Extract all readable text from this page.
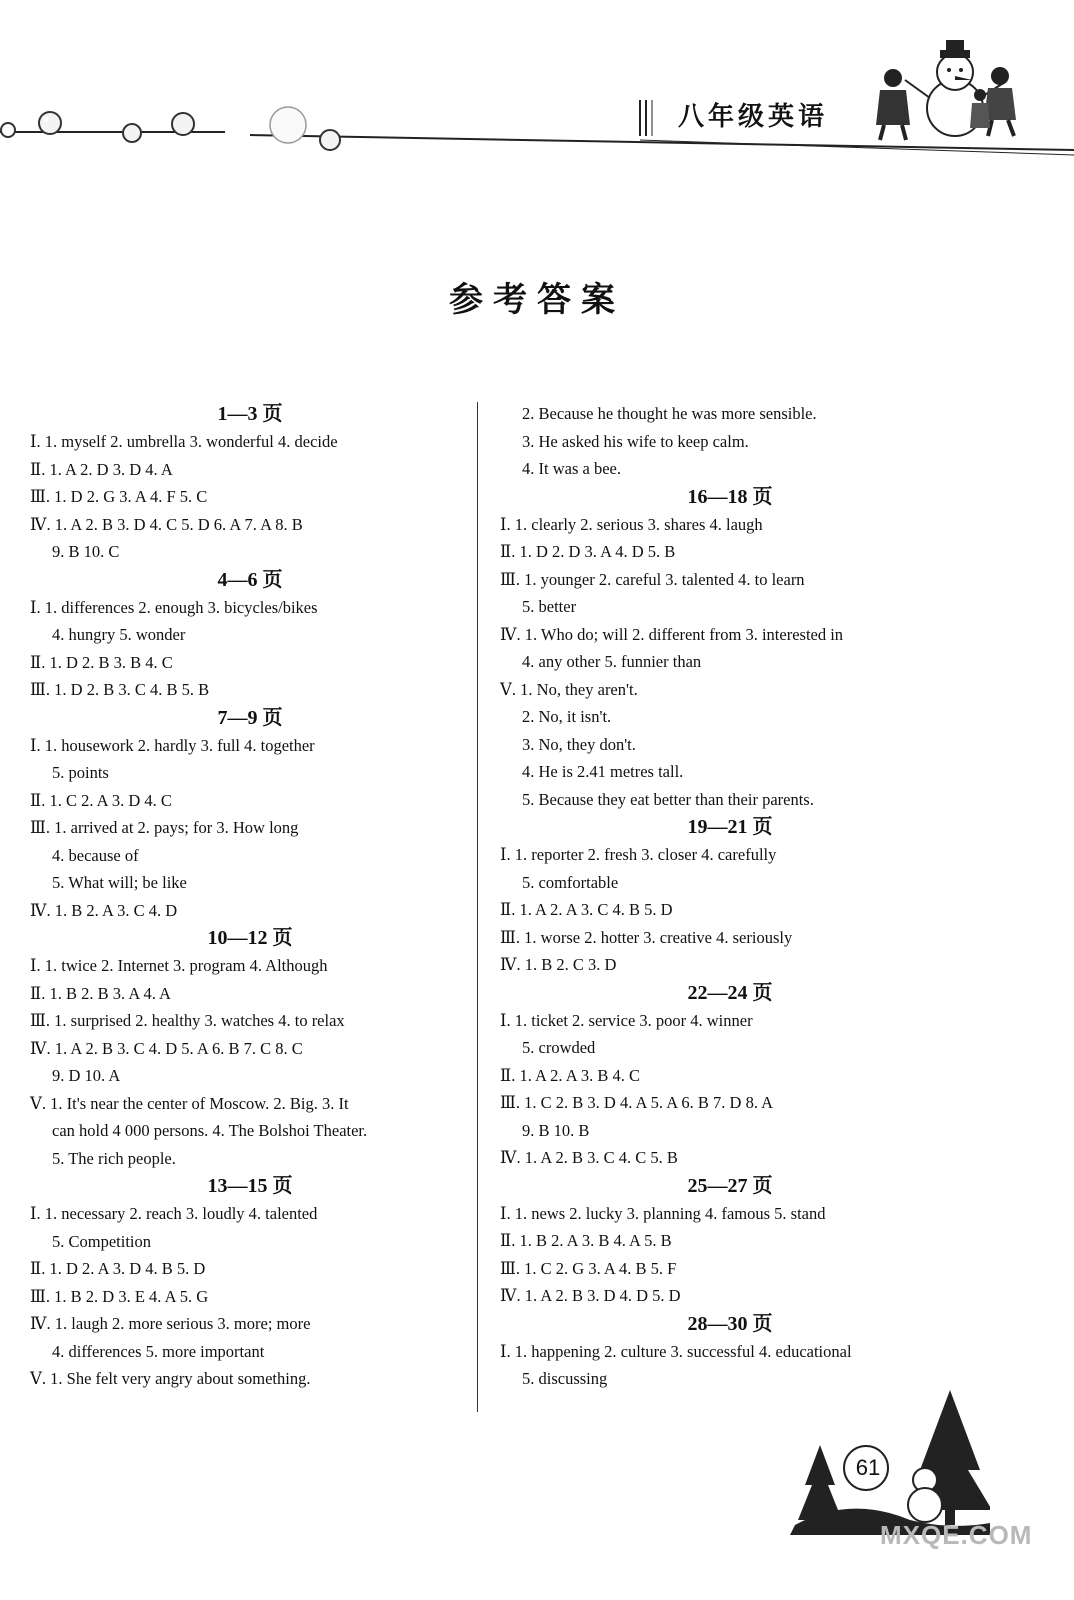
八年级英语
参考答案
1—3 页
Ⅰ. 1. myself 2. umbrella 3. wonderful 4. decide
Ⅱ. 1. A 2. D 3. D 4. A
Ⅲ. 1. D 2. G 3. A 4. F 5. C
Ⅳ. 1. A 2. B 3. D 4. C 5. D 6. A 7. A 8. B
9. B 10. C
4—6 页
Ⅰ. 1. differences 2. enough 3. bicycles/bikes
4. hungry 5. wonder
Ⅱ. 1. D 2. B 3. B 4. C
Ⅲ. 1. D 2. B 3. C 4. B 5. B
7—9 页
Ⅰ. 1. housework 2. hardly 3. full 4. together
5. points
Ⅱ. 1. C 2. A 3. D 4. C
Ⅲ. 1. arrived at 2. pays; for 3. How long
4. because of
5. What will; be like
Ⅳ. 1. B 2. A 3. C 4. D
10—12 页
Ⅰ. 1. twice 2. Internet 3. program 4. Although
Ⅱ. 1. B 2. B 3. A 4. A
Ⅲ. 1. surprised 2. healthy 3. watches 4. to relax
Ⅳ. 1. A 2. B 3. C 4. D 5. A 6. B 7. C 8. C
9. D 10. A
Ⅴ. 1. It's near the center of Moscow. 2. Big. 3. It
can hold 4 000 persons. 4. The Bolshoi Theater.
5. The rich people.
13—15 页
Ⅰ. 1. necessary 2. reach 3. loudly 4. talented
5. Competition
Ⅱ. 1. D 2. A 3. D 4. B 5. D
Ⅲ. 1. B 2. D 3. E 4. A 5. G
Ⅳ. 1. laugh 2. more serious 3. more; more
4. differences 5. more important
Ⅴ. 1. She felt very angry about something.
2. Because he thought he was more sensible.
3. He asked his wife to keep calm.
4. It was a bee.
16—18 页
Ⅰ. 1. clearly 2. serious 3. shares 4. laugh
Ⅱ. 1. D 2. D 3. A 4. D 5. B
Ⅲ. 1. younger 2. careful 3. talented 4. to learn
5. better
Ⅳ. 1. Who do; will 2. different from 3. interested in
4. any other 5. funnier than
Ⅴ. 1. No, they aren't.
2. No, it isn't.
3. No, they don't.
4. He is 2.41 metres tall.
5. Because they eat better than their parents.
19—21 页
Ⅰ. 1. reporter 2. fresh 3. closer 4. carefully
5. comfortable
Ⅱ. 1. A 2. A 3. C 4. B 5. D
Ⅲ. 1. worse 2. hotter 3. creative 4. seriously
Ⅳ. 1. B 2. C 3. D
22—24 页
Ⅰ. 1. ticket 2. service 3. poor 4. winner
5. crowded
Ⅱ. 1. A 2. A 3. B 4. C
Ⅲ. 1. C 2. B 3. D 4. A 5. A 6. B 7. D 8. A
9. B 10. B
Ⅳ. 1. A 2. B 3. C 4. C 5. B
25—27 页
Ⅰ. 1. news 2. lucky 3. planning 4. famous 5. stand
Ⅱ. 1. B 2. A 3. B 4. A 5. B
Ⅲ. 1. C 2. G 3. A 4. B 5. F
Ⅳ. 1. A 2. B 3. D 4. D 5. D
28—30 页
Ⅰ. 1. happening 2. culture 3. successful 4. educational
5. discussing
61
MXQE.COM
